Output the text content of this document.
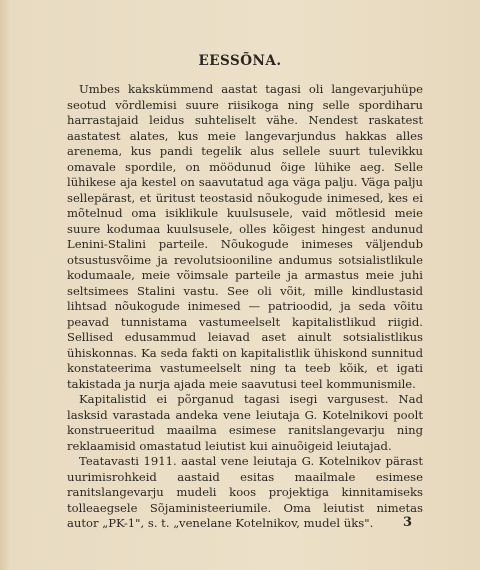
EESSÕNA.

Umbes kakskümmend aastat tagasi oli langevarjuhüpe seotud võrdlemisi suure riisikoga ning selle spordiharu harrastajaid leidus suhteliselt vähe. Nendest raskatest aastatest alates, kus meie langevarjundus hakkas alles arenema, kus pandi tegelik alus sellele suurt tulevikku omavale spordile, on möödunud õige lühike aeg. Selle lühikese aja kestel on saavutatud aga väga palju. Väga palju sellepärast, et üritust teostasid nõukogude inimesed, kes ei mõtelnud oma isiklikule kuulsusele, vaid mõtlesid meie suure kodumaa kuulsusele, olles kõigest hingest andunud Lenini-Stalini parteile. Nõukogude inimeses väljendub otsustusvõime ja revolutsiooniline andumus sotsialistlikule kodumaale, meie võimsale parteile ja armastus meie juhi seltsimees Stalini vastu. See oli võit, mille kindlustasid lihtsad nõukogude inimesed — patrioodid, ja seda võitu peavad tunnistama vastumeelselt kapitalistlikud riigid. Sellised edusammud leiavad aset ainult sotsialistlikus ühiskonnas. Ka seda fakti on kapitalistlik ühiskond sunnitud konstateerima vastumeelselt ning ta teeb kõik, et igati takistada ja nurja ajada meie saavutusi teel kommunismile.

Kapitalistid ei põrganud tagasi isegi vargusest. Nad lasksid varastada andeka vene leiutaja G. Kotelnikovi poolt konstrueeritud maailma esimese ranitslangevarju ning reklaamisid omastatud leiutist kui ainuõigeid leiutajad.

Teatavasti 1911. aastal vene leiutaja G. Kotelnikov pärast uurimisrohkeid aastaid esitas maailmale esimese ranitslangevarju mudeli koos projektiga kinnitamiseks tolleaegsele Sõjaministeeriumile. Oma leiutist nimetas autor „PK-1", s. t. „venelane Kotelnikov, mudel üks".	3
